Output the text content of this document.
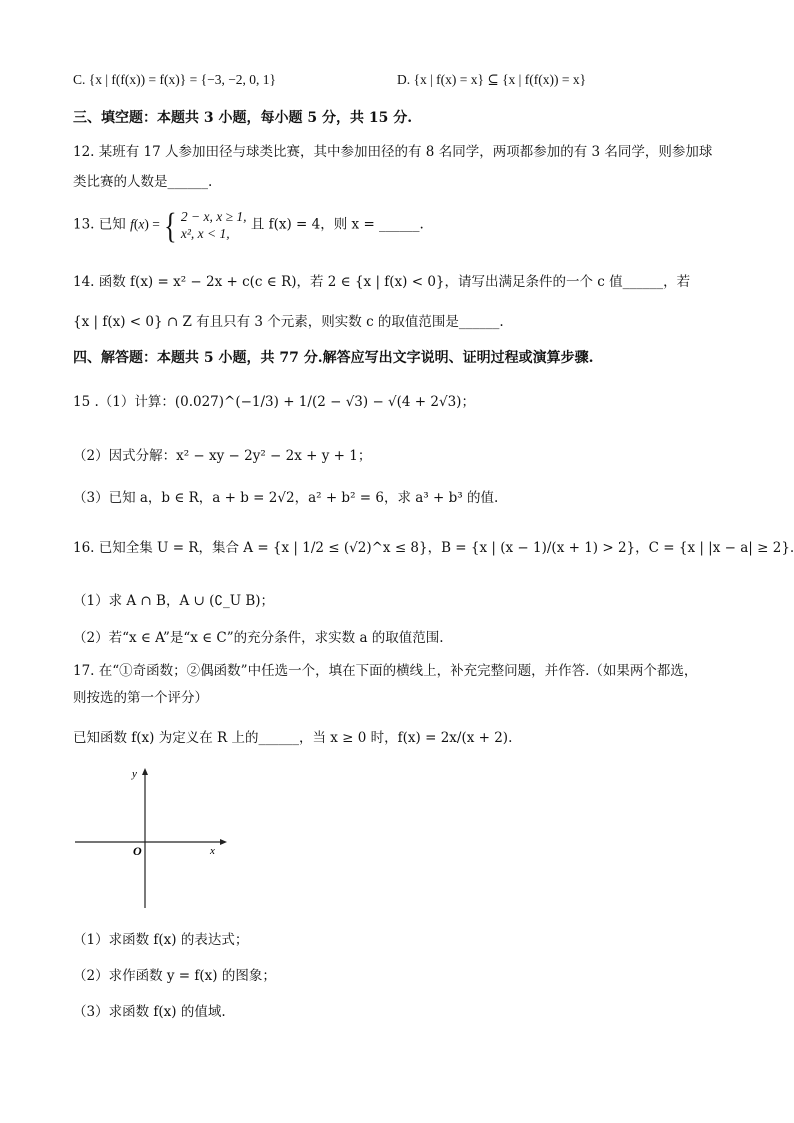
C. {x | f(f(x)) = f(x)} = {−3, −2, 0, 1}	D. {x | f(x) = x} ⊆ {x | f(f(x)) = x}
三、填空题：本题共 3 小题，每小题 5 分，共 15 分.
12. 某班有 17 人参加田径与球类比赛，其中参加田径的有 8 名同学，两项都参加的有 3 名同学，则参加球
类比赛的人数是______.
13. 已知 f(x) = { 2 − x, x ≥ 1,
x², x < 1,
且 f(x) = 4，则 x = ______.
14. 函数 f(x) = x² − 2x + c(c ∈ R)，若 2 ∈ {x | f(x) < 0}，请写出满足条件的一个 c 值______，若
{x | f(x) < 0} ∩ Z 有且只有 3 个元素，则实数 c 的取值范围是______.
四、解答题：本题共 5 小题，共 77 分.解答应写出文字说明、证明过程或演算步骤.
15 .（1）计算：(0.027)^(−1/3) + 1/(2 − √3) − √(4 + 2√3)；
（2）因式分解：x² − xy − 2y² − 2x + y + 1；
（3）已知 a，b ∈ R，a + b = 2√2，a² + b² = 6，求 a³ + b³ 的值.
16. 已知全集 U = R，集合 A = {x | 1/2 ≤ (√2)^x ≤ 8}，B = {x | (x − 1)/(x + 1) > 2}，C = {x | |x − a| ≥ 2}.
（1）求 A ∩ B，A ∪ (∁_U B)；
（2）若“x ∈ A”是“x ∈ C”的充分条件，求实数 a 的取值范围.
17. 在“①奇函数；②偶函数”中任选一个，填在下面的横线上，补充完整问题，并作答.（如果两个都选，
则按选的第一个评分）
已知函数 f(x) 为定义在 R 上的______，当 x ≥ 0 时，f(x) = 2x/(x + 2).
y
x
O
（1）求函数 f(x) 的表达式；
（2）求作函数 y = f(x) 的图象；
（3）求函数 f(x) 的值域.
